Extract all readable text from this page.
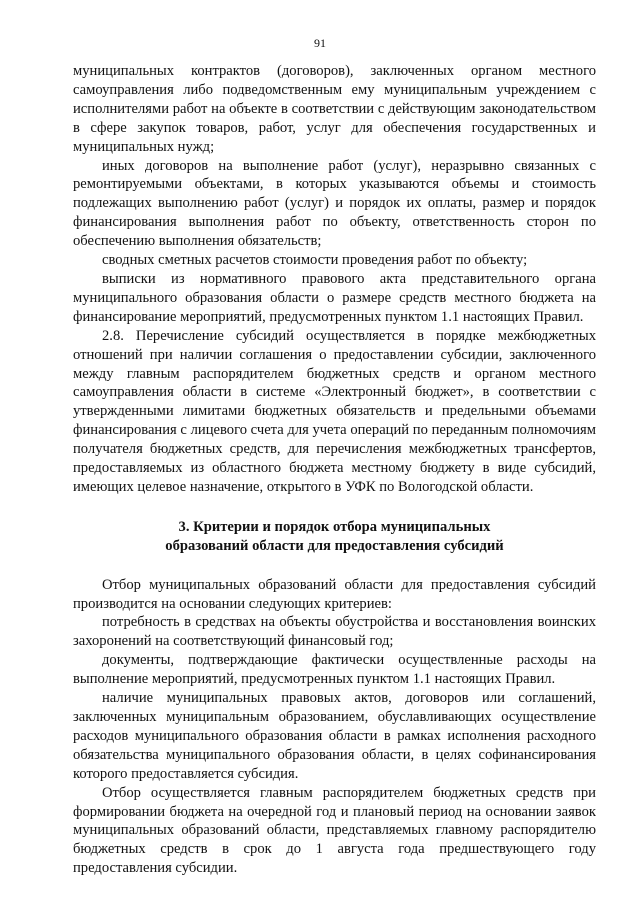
91

муниципальных контрактов (договоров), заключенных органом местного самоуправления либо подведомственным ему муниципальным учреждением с исполнителями работ на объекте в соответствии с действующим законодательством в сфере закупок товаров, работ, услуг для обеспечения государственных и муниципальных нужд;

иных договоров на выполнение работ (услуг), неразрывно связанных с ремонтируемыми объектами, в которых указываются объемы и стоимость подлежащих выполнению работ (услуг) и порядок их оплаты, размер и порядок финансирования выполнения работ по объекту, ответственность сторон по обеспечению выполнения обязательств;

сводных сметных расчетов стоимости проведения работ по объекту;

выписки из нормативного правового акта представительного органа муниципального образования области о размере средств местного бюджета на финансирование мероприятий, предусмотренных пунктом 1.1 настоящих Правил.

2.8. Перечисление субсидий осуществляется в порядке межбюджетных отношений при наличии соглашения о предоставлении субсидии, заключенного между главным распорядителем бюджетных средств и органом местного самоуправления области в системе «Электронный бюджет», в соответствии с утвержденными лимитами бюджетных обязательств и предельными объемами финансирования с лицевого счета для учета операций по переданным полномочиям получателя бюджетных средств, для перечисления межбюджетных трансфертов, предоставляемых из областного бюджета местному бюджету в виде субсидий, имеющих целевое назначение, открытого в УФК по Вологодской области.

3. Критерии и порядок отбора муниципальных
образований области для предоставления субсидий

Отбор муниципальных образований области для предоставления субсидий производится на основании следующих критериев:

потребность в средствах на объекты обустройства и восстановления воинских захоронений на соответствующий финансовый год;

документы, подтверждающие фактически осуществленные расходы на выполнение мероприятий, предусмотренных пунктом 1.1 настоящих Правил.

наличие муниципальных правовых актов, договоров или соглашений, заключенных муниципальным образованием, обуславливающих осуществление расходов муниципального образования области в рамках исполнения расходного обязательства муниципального образования области, в целях софинансирования которого предоставляется субсидия.

Отбор осуществляется главным распорядителем бюджетных средств при формировании бюджета на очередной год и плановый период на основании заявок муниципальных образований области, представляемых главному распорядителю бюджетных средств в срок до 1 августа года предшествующего году предоставления субсидии.
